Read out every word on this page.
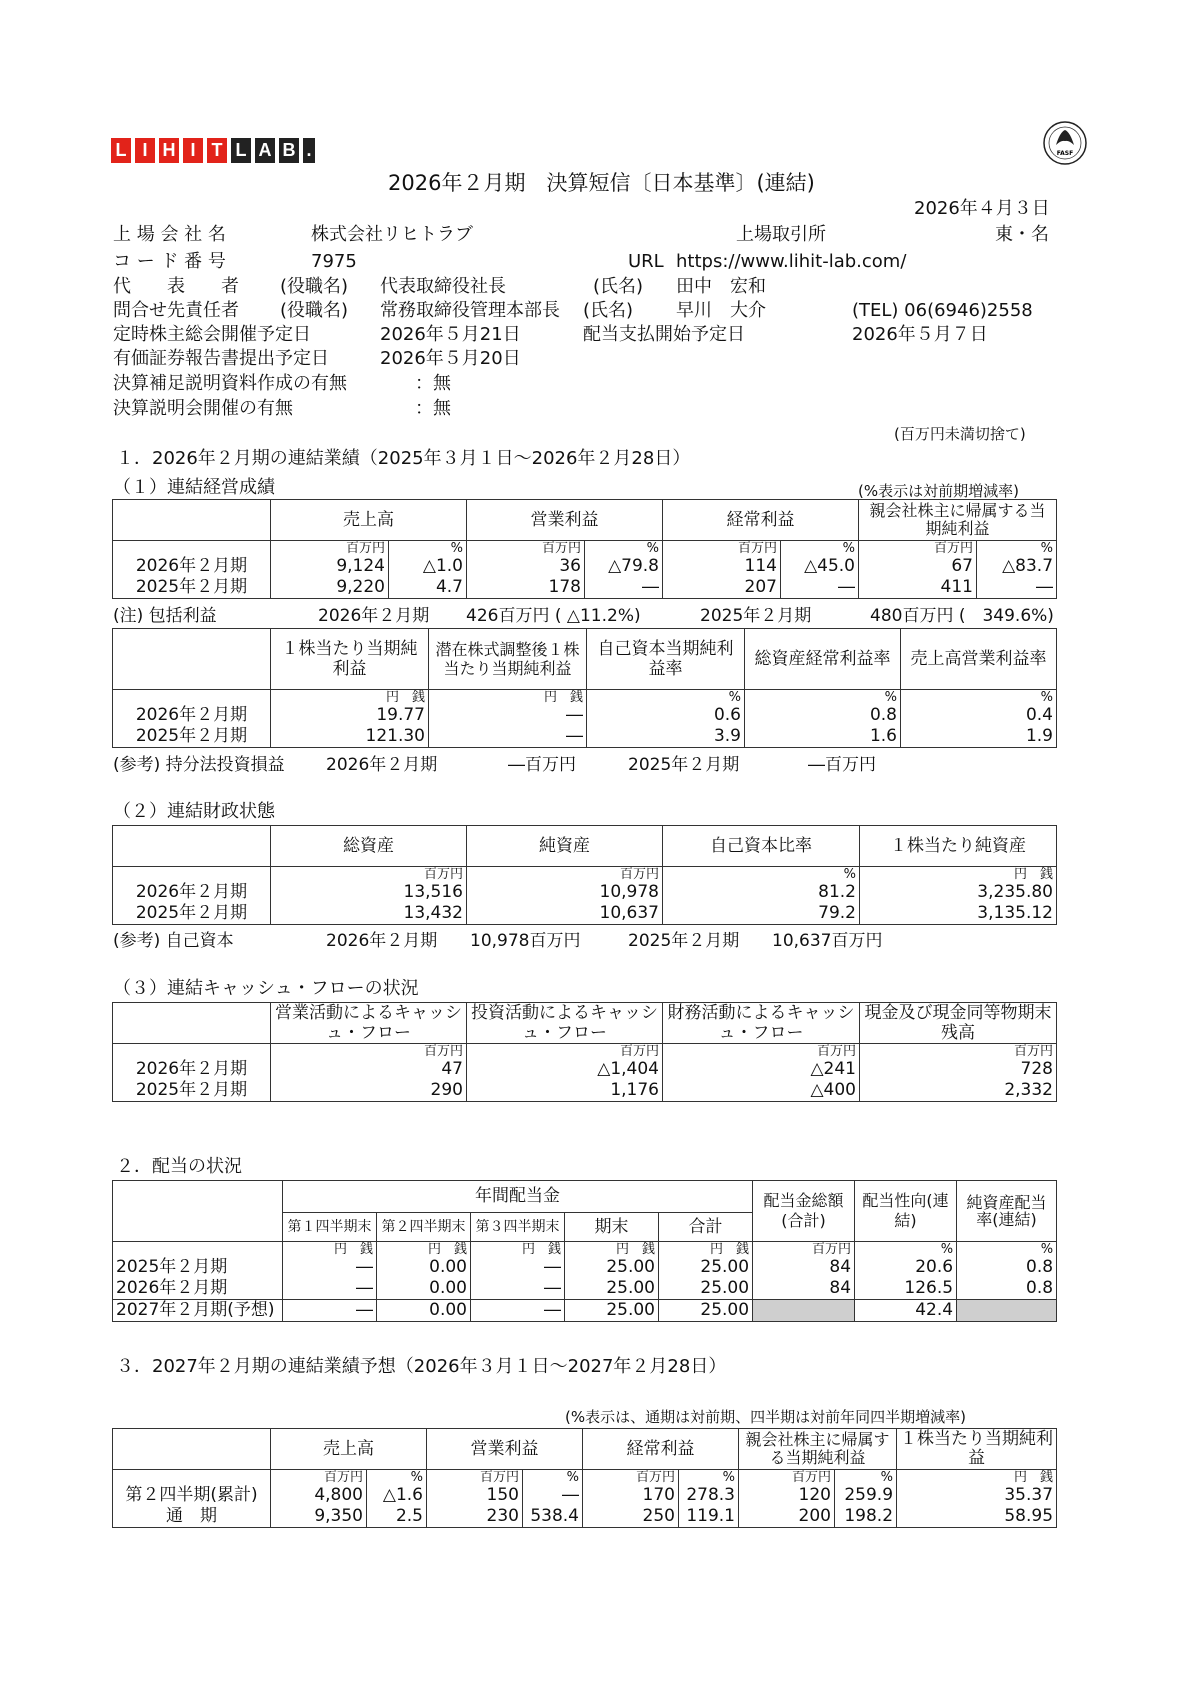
L I H I T L A B .	FASF
2026年２月期　決算短信〔日本基準〕(連結)
2026年４月３日
上 場 会 社 名	株式会社リヒトラブ	上場取引所	東・名
コ ー ド 番 号	7975	URL https://www.lihit-lab.com/
代　　表　　者 (役職名) 代表取締役社長	(氏名) 田中　宏和
問合せ先責任者 (役職名) 常務取締役管理本部長 (氏名) 早川　大介	(TEL) 06(6946)2558
定時株主総会開催予定日	2026年５月21日	配当支払開始予定日	2026年５月７日
有価証券報告書提出予定日	2026年５月20日
決算補足説明資料作成の有無	：無
決算説明会開催の有無	：無
(百万円未満切捨て)
１．2026年２月期の連結業績（2025年３月１日～2026年２月28日）
（１）連結経営成績	(%表示は対前期増減率)
	売上高		営業利益		経常利益		親会社株主に帰属する当期純利益	
	百万円	%	百万円	%	百万円	%	百万円	%
2026年２月期	9,124	△1.0	36	△79.8	114	△45.0	67	△83.7
2025年２月期	9,220	4.7	178	―	207	―	411	―
(注) 包括利益	2026年２月期 426百万円 ( △11.2%)	2025年２月期	480百万円 (　349.6%)
	１株当たり当期純利益	潜在株式調整後１株当たり当期純利益	自己資本当期純利益率	総資産経常利益率	売上高営業利益率
	円　銭	円　銭	%	%	%
2026年２月期	19.77	―	0.6	0.8	0.4
2025年２月期	121.30	―	3.9	1.6	1.9
(参考) 持分法投資損益 2026年２月期	―百万円	2025年２月期	―百万円
（２）連結財政状態
	総資産	純資産	自己資本比率	１株当たり純資産
	百万円	百万円	%	円　銭
2026年２月期	13,516	10,978	81.2	3,235.80
2025年２月期	13,432	10,637	79.2	3,135.12
(参考) 自己資本	2026年２月期 10,978百万円	2025年２月期 10,637百万円
（３）連結キャッシュ・フローの状況
	営業活動によるキャッシュ・フロー	投資活動によるキャッシュ・フロー	財務活動によるキャッシュ・フロー	現金及び現金同等物期末残高
	百万円	百万円	百万円	百万円
2026年２月期	47	△1,404	△241	728
2025年２月期	290	1,176	△400	2,332
２．配当の状況
	年間配当金					配当金総額(合計)	配当性向(連結)	純資産配当率(連結)
	第１四半期末	第２四半期末	第３四半期末	期末	合計			
	円　銭	円　銭	円　銭	円　銭	円　銭	百万円	%	%
2025年２月期	―	0.00	―	25.00	25.00	84	20.6	0.8
2026年２月期	―	0.00	―	25.00	25.00	84	126.5	0.8
2027年２月期(予想)	―	0.00	―	25.00	25.00		42.4	
３．2027年２月期の連結業績予想（2026年３月１日～2027年２月28日）
(%表示は、通期は対前期、四半期は対前年同四半期増減率)
	売上高		営業利益		経常利益		親会社株主に帰属する当期純利益		１株当たり当期純利益
	百万円	%	百万円	%	百万円	%	百万円	%	円　銭
第２四半期(累計)	4,800	△1.6	150	―	170	278.3	120	259.9	35.37
通　期	9,350	2.5	230	538.4	250	119.1	200	198.2	58.95
